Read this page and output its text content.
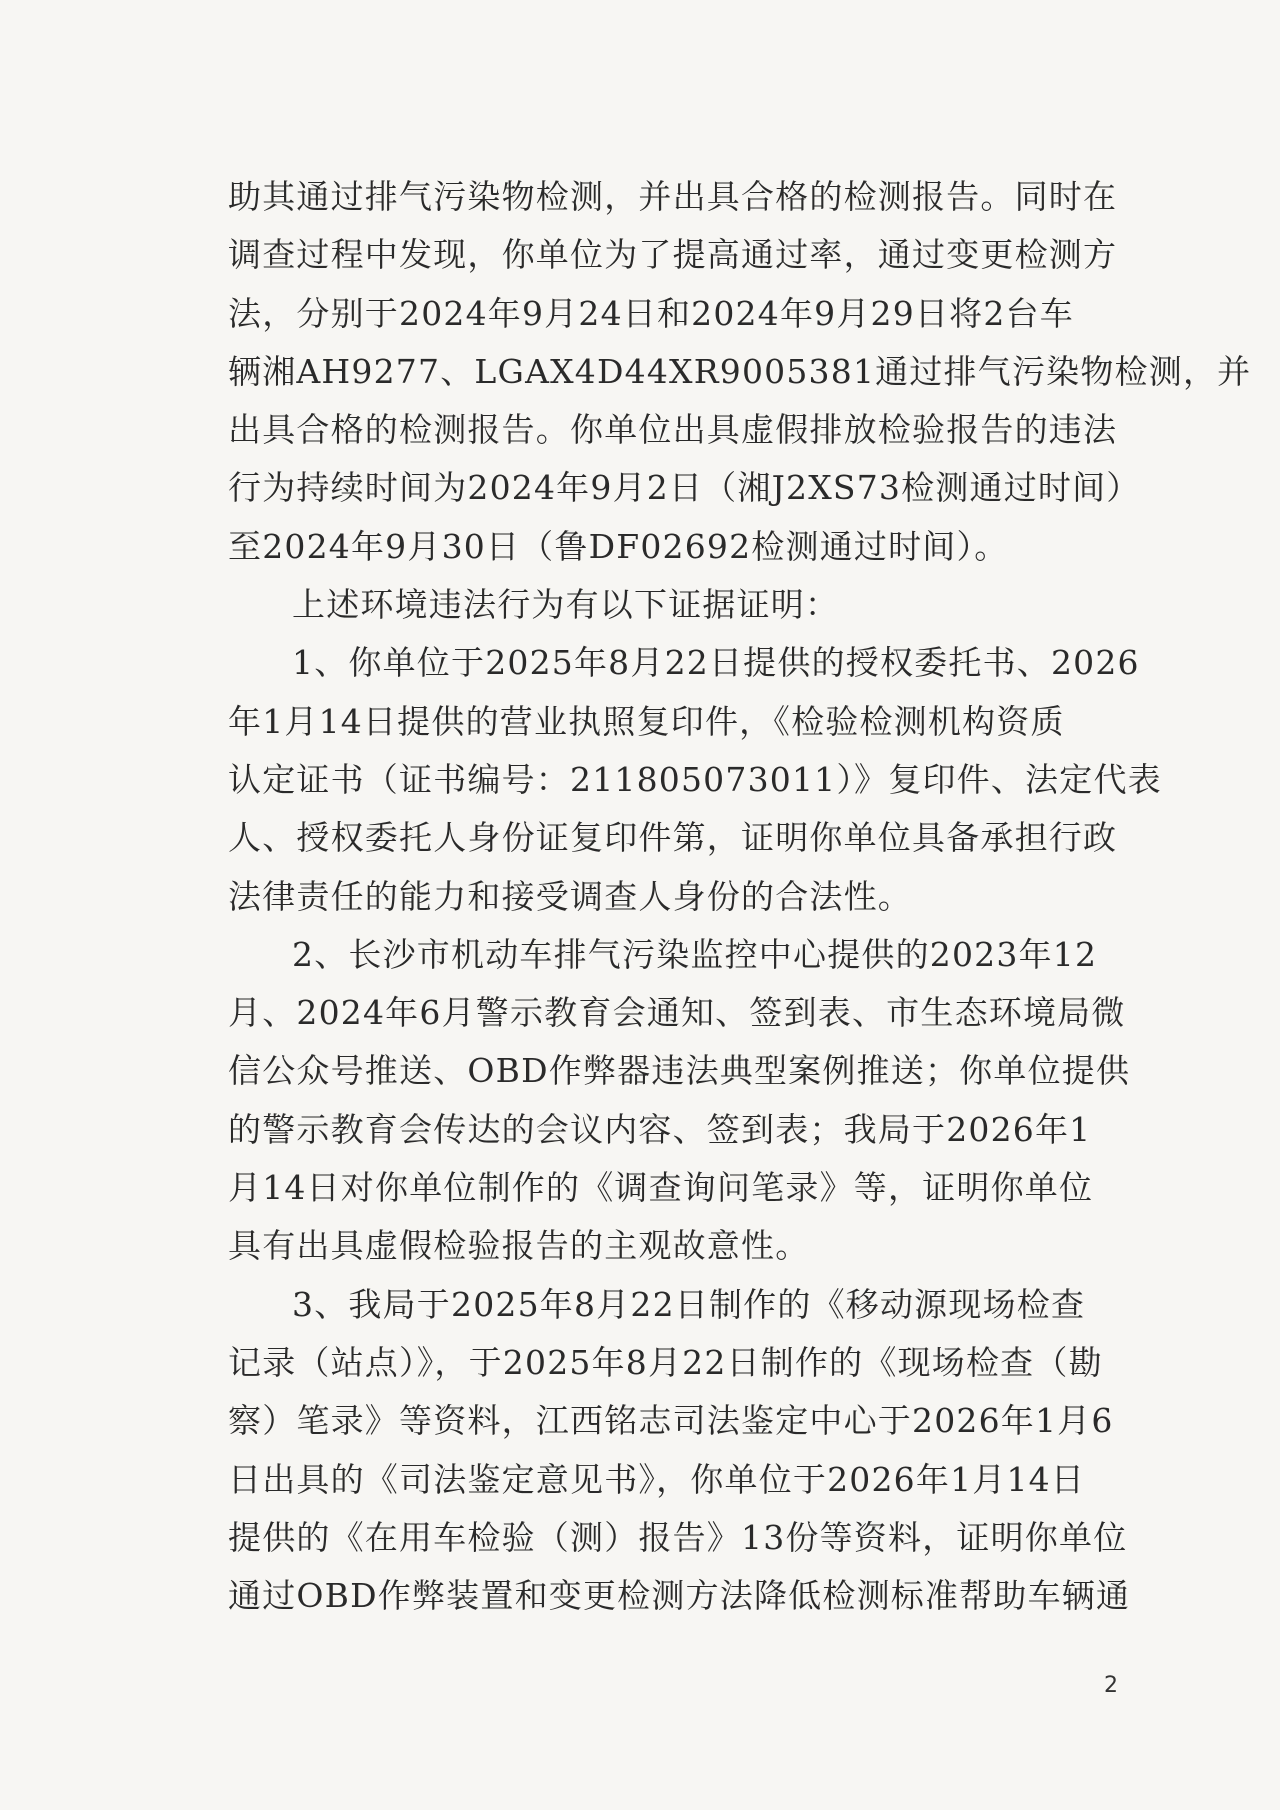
助其通过排气污染物检测，并出具合格的检测报告。同时在
调查过程中发现，你单位为了提高通过率，通过变更检测方
法，分别于2024年9月24日和2024年9月29日将2台车
辆湘AH9277、LGAX4D44XR9005381通过排气污染物检测，并
出具合格的检测报告。你单位出具虚假排放检验报告的违法
行为持续时间为2024年9月2日（湘J2XS73检测通过时间）
至2024年9月30日（鲁DF02692检测通过时间）。
上述环境违法行为有以下证据证明：
1、你单位于2025年8月22日提供的授权委托书、2026
年1月14日提供的营业执照复印件，《检验检测机构资质
认定证书（证书编号：211805073011）》复印件、法定代表
人、授权委托人身份证复印件第，证明你单位具备承担行政
法律责任的能力和接受调查人身份的合法性。
2、长沙市机动车排气污染监控中心提供的2023年12
月、2024年6月警示教育会通知、签到表、市生态环境局微
信公众号推送、OBD作弊器违法典型案例推送；你单位提供
的警示教育会传达的会议内容、签到表；我局于2026年1
月14日对你单位制作的《调查询问笔录》等，证明你单位
具有出具虚假检验报告的主观故意性。
3、我局于2025年8月22日制作的《移动源现场检查
记录（站点）》，于2025年8月22日制作的《现场检查（勘
察）笔录》等资料，江西铭志司法鉴定中心于2026年1月6
日出具的《司法鉴定意见书》，你单位于2026年1月14日
提供的《在用车检验（测）报告》13份等资料，证明你单位
通过OBD作弊装置和变更检测方法降低检测标准帮助车辆通
2
